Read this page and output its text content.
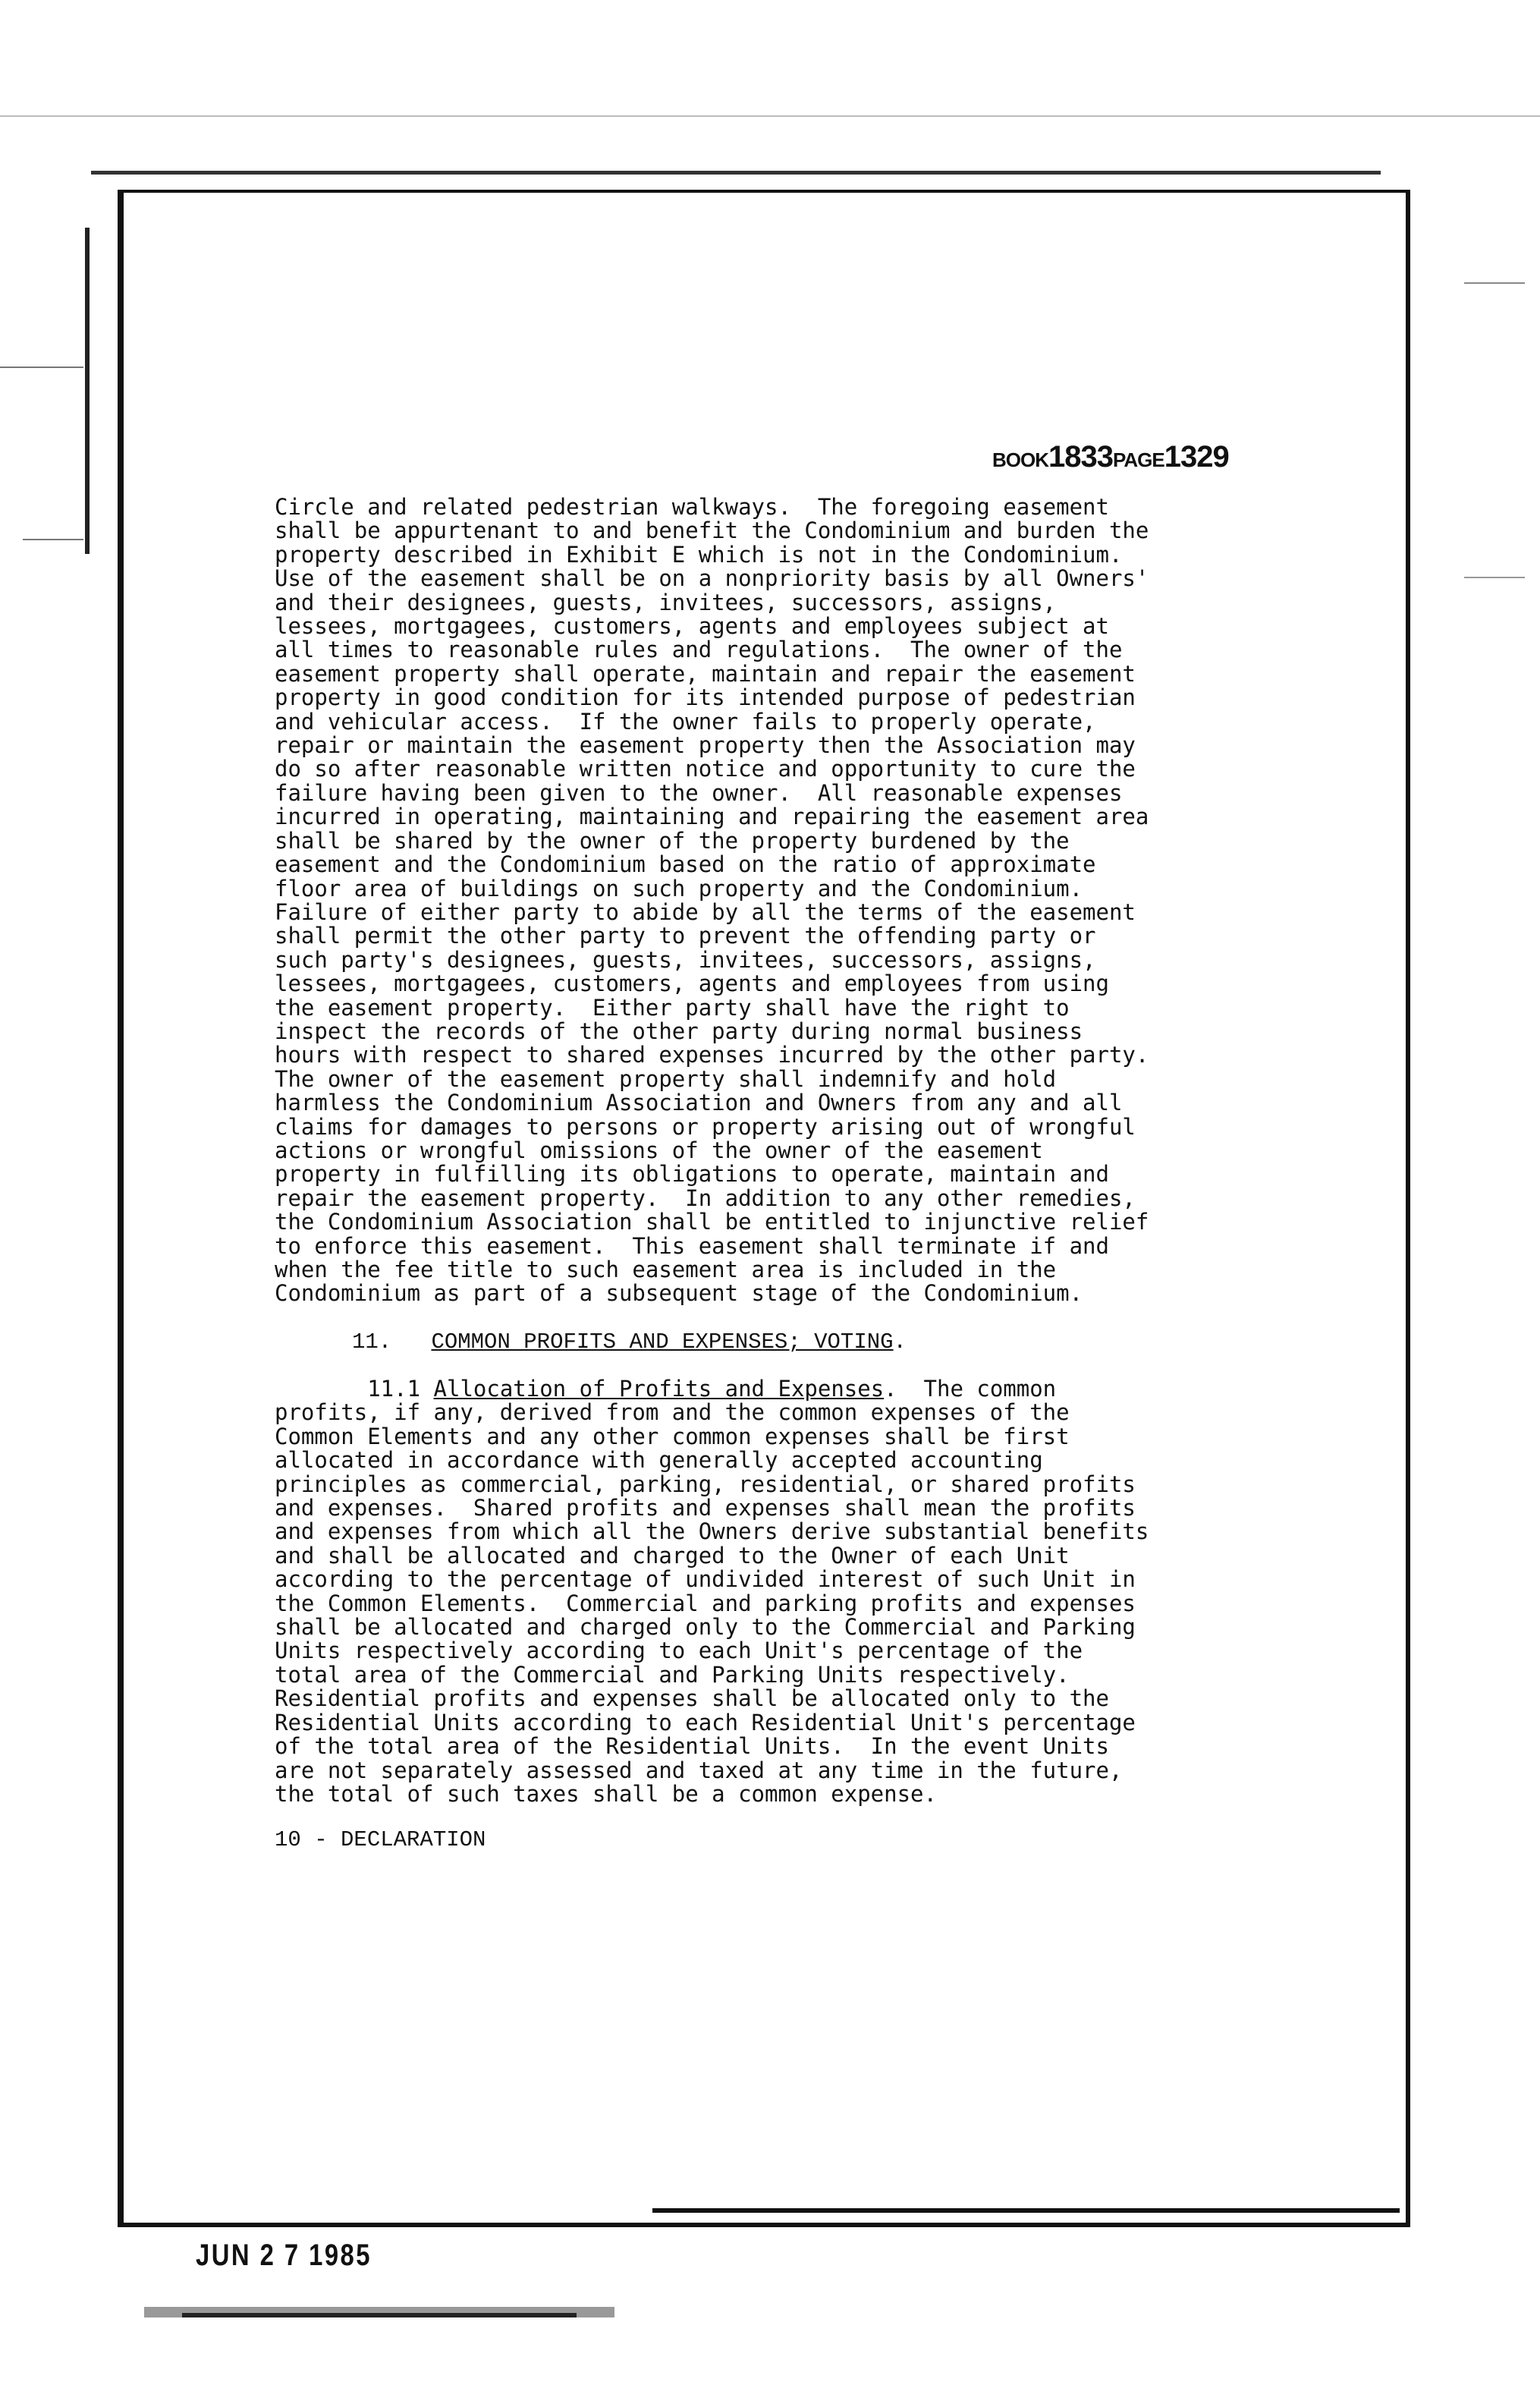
BOOK1833PAGE1329
Circle and related pedestrian walkways.  The foregoing easement
shall be appurtenant to and benefit the Condominium and burden the
property described in Exhibit E which is not in the Condominium.
Use of the easement shall be on a nonpriority basis by all Owners'
and their designees, guests, invitees, successors, assigns,
lessees, mortgagees, customers, agents and employees subject at
all times to reasonable rules and regulations.  The owner of the
easement property shall operate, maintain and repair the easement
property in good condition for its intended purpose of pedestrian
and vehicular access.  If the owner fails to properly operate,
repair or maintain the easement property then the Association may
do so after reasonable written notice and opportunity to cure the
failure having been given to the owner.  All reasonable expenses
incurred in operating, maintaining and repairing the easement area
shall be shared by the owner of the property burdened by the
easement and the Condominium based on the ratio of approximate
floor area of buildings on such property and the Condominium.
Failure of either party to abide by all the terms of the easement
shall permit the other party to prevent the offending party or
such party's designees, guests, invitees, successors, assigns,
lessees, mortgagees, customers, agents and employees from using
the easement property.  Either party shall have the right to
inspect the records of the other party during normal business
hours with respect to shared expenses incurred by the other party.
The owner of the easement property shall indemnify and hold
harmless the Condominium Association and Owners from any and all
claims for damages to persons or property arising out of wrongful
actions or wrongful omissions of the owner of the easement
property in fulfilling its obligations to operate, maintain and
repair the easement property.  In addition to any other remedies,
the Condominium Association shall be entitled to injunctive relief
to enforce this easement.  This easement shall terminate if and
when the fee title to such easement area is included in the
Condominium as part of a subsequent stage of the Condominium.
11. COMMON PROFITS AND EXPENSES; VOTING.
11.1 Allocation of Profits and Expenses.  The common
profits, if any, derived from and the common expenses of the
Common Elements and any other common expenses shall be first
allocated in accordance with generally accepted accounting
principles as commercial, parking, residential, or shared profits
and expenses.  Shared profits and expenses shall mean the profits
and expenses from which all the Owners derive substantial benefits
and shall be allocated and charged to the Owner of each Unit
according to the percentage of undivided interest of such Unit in
the Common Elements.  Commercial and parking profits and expenses
shall be allocated and charged only to the Commercial and Parking
Units respectively according to each Unit's percentage of the
total area of the Commercial and Parking Units respectively.
Residential profits and expenses shall be allocated only to the
Residential Units according to each Residential Unit's percentage
of the total area of the Residential Units.  In the event Units
are not separately assessed and taxed at any time in the future,
the total of such taxes shall be a common expense.
10 - DECLARATION
JUN 2 7 1985
